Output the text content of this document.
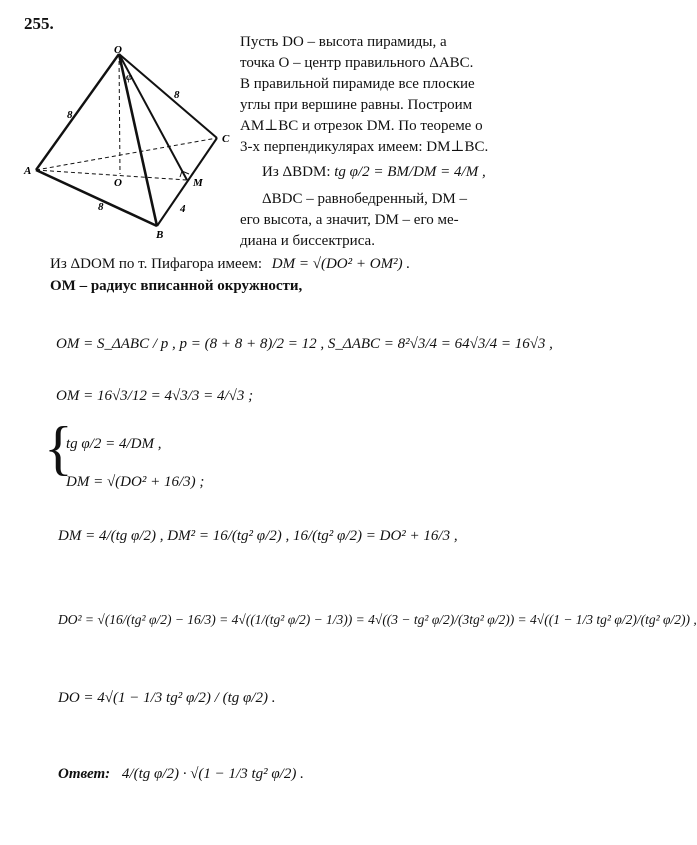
255.
O
A
B
C
M
O
8
8
8
4
φ
Пусть DO – высота пирамиды, а
точка O – центр правильного ΔABC.
В правильной пирамиде все плоские
углы при вершине равны. Построим
AM⊥BC и отрезок DM. По теореме о
3-х перпендикулярах имеем: DM⊥BC.
Из ΔBDM: tg φ/2 = BM/DM = 4/M ,
ΔBDC – равнобедренный, DM –
его высота, а значит, DM – его ме-
диана и биссектриса.
Из ΔDOM по т. Пифагора имеем: DM = √(DO² + OM²) .
OM – радиус вписанной окружности,
OM = S_ΔABC / p , p = (8 + 8 + 8)/2 = 12 , S_ΔABC = 8²√3/4 = 64√3/4 = 16√3 ,
OM = 16√3/12 = 4√3/3 = 4/√3 ;
{
tg φ/2 = 4/DM ,
DM = √(DO² + 16/3) ;
DM = 4/(tg φ/2) , DM² = 16/(tg² φ/2) , 16/(tg² φ/2) = DO² + 16/3 ,
DO² = √(16/(tg² φ/2) − 16/3) = 4√((1/(tg² φ/2) − 1/3)) = 4√((3 − tg² φ/2)/(3tg² φ/2)) = 4√((1 − 1/3 tg² φ/2)/(tg² φ/2)) ,
DO = 4√(1 − 1/3 tg² φ/2) / (tg φ/2) .
Ответ: 4/(tg φ/2) · √(1 − 1/3 tg² φ/2) .
